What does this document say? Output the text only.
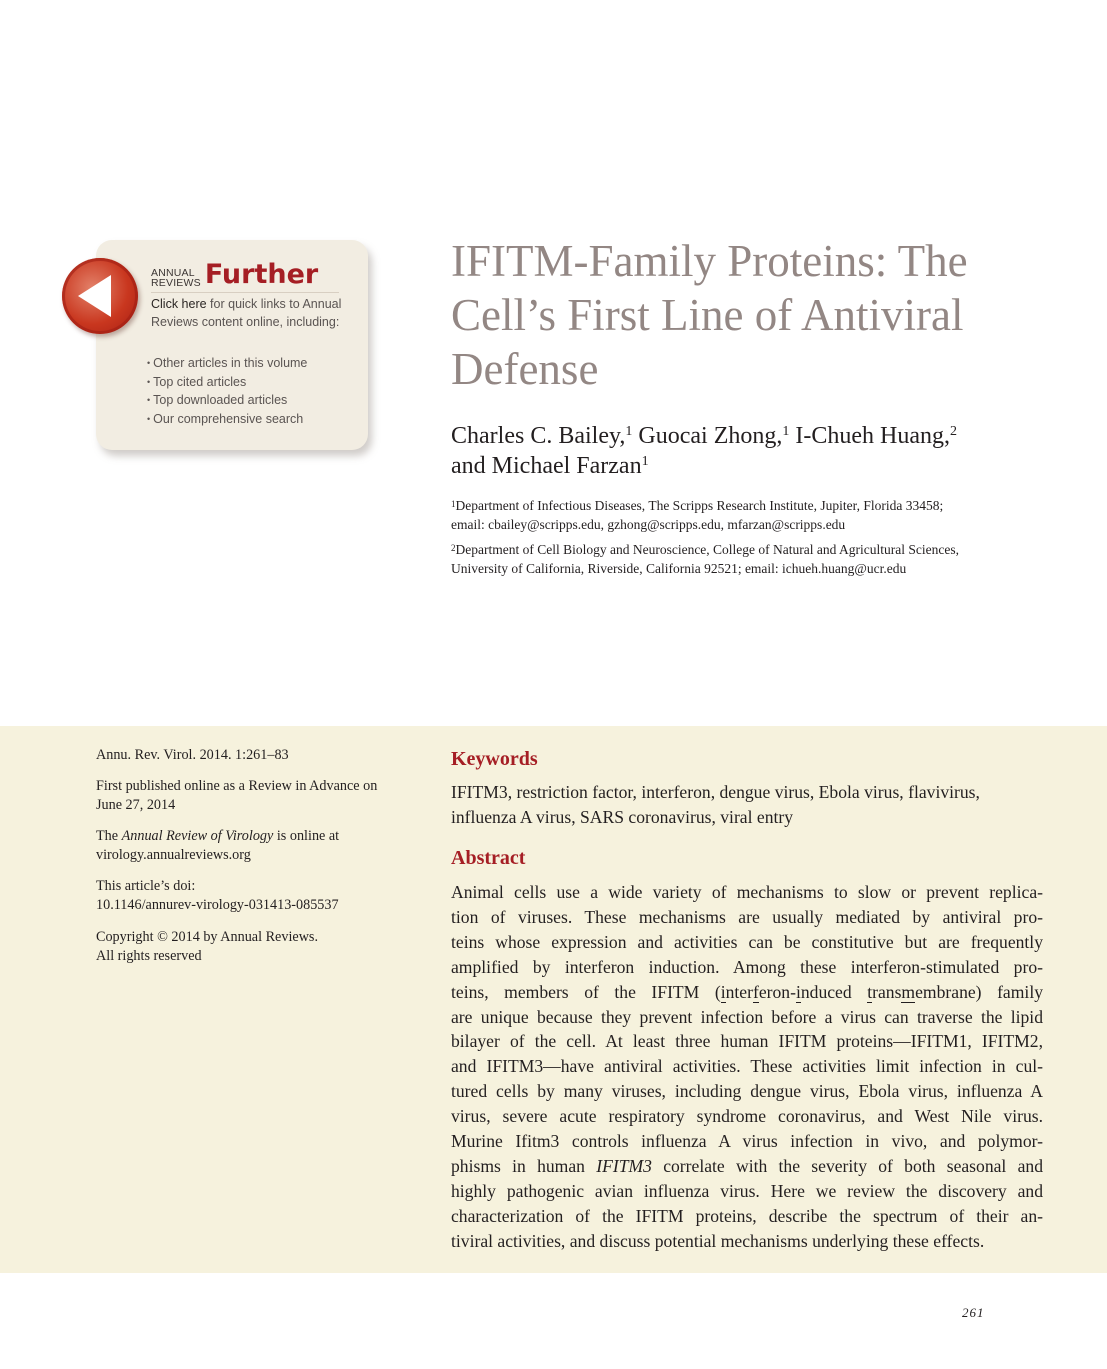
ANNUAL
REVIEWS Further
Click here for quick links to Annual Reviews content online, including:
• Other articles in this volume
• Top cited articles
• Top downloaded articles
• Our comprehensive search
IFITM-Family Proteins: The
Cell’s First Line of Antiviral
Defense
Charles C. Bailey,$^1$ Guocai Zhong,$^1$ I-Chueh Huang,$^2$
and Michael Farzan$^1$
$^1$Department of Infectious Diseases, The Scripps Research Institute, Jupiter, Florida 33458;
email: cbailey@scripps.edu, gzhong@scripps.edu, mfarzan@scripps.edu
$^2$Department of Cell Biology and Neuroscience, College of Natural and Agricultural Sciences,
University of California, Riverside, California 92521; email: ichueh.huang@ucr.edu
Annu. Rev. Virol. 2014. 1:261–83
First published online as a Review in Advance on
June 27, 2014
The Annual Review of Virology is online at
virology.annualreviews.org
This article’s doi:
10.1146/annurev-virology-031413-085537
Copyright © 2014 by Annual Reviews.
All rights reserved
Keywords
IFITM3, restriction factor, interferon, dengue virus, Ebola virus, flavivirus,
influenza A virus, SARS coronavirus, viral entry
Abstract
Animal cells use a wide variety of mechanisms to slow or prevent replica-
tion of viruses. These mechanisms are usually mediated by antiviral pro-
teins whose expression and activities can be constitutive but are frequently
amplified by interferon induction. Among these interferon-stimulated pro-
teins, members of the IFITM (interferon-induced transmembrane) family
are unique because they prevent infection before a virus can traverse the lipid
bilayer of the cell. At least three human IFITM proteins—IFITM1, IFITM2,
and IFITM3—have antiviral activities. These activities limit infection in cul-
tured cells by many viruses, including dengue virus, Ebola virus, influenza A
virus, severe acute respiratory syndrome coronavirus, and West Nile virus.
Murine Ifitm3 controls influenza A virus infection in vivo, and polymor-
phisms in human IFITM3 correlate with the severity of both seasonal and
highly pathogenic avian influenza virus. Here we review the discovery and
characterization of the IFITM proteins, describe the spectrum of their an-
tiviral activities, and discuss potential mechanisms underlying these effects.
261
